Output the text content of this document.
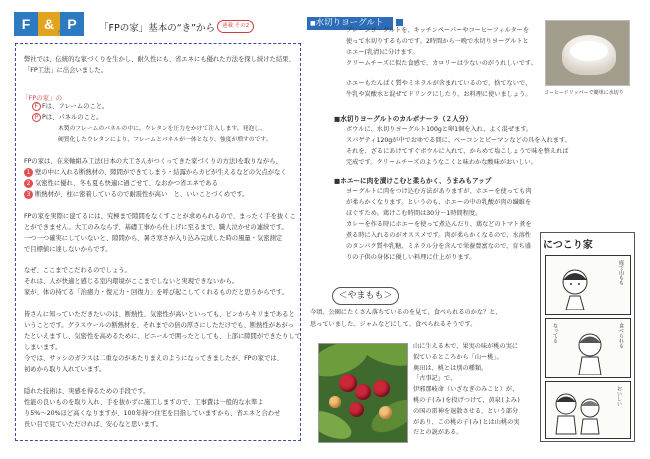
F & P
FP no ie 「FPの家」基本の“き”から	連載 その2
弊社では、伝統的な家づくりを生かし、耐久性にも、省エネにも優れた方法を探し続けた結果、
「FP工法」に出会いました。
「FPの家」の
F Fは、フレームのこと。
P Pは、パネルのこと。
木製のフレームのパネルの中に、ウレタンを圧力をかけて注入します。発泡し、
硬質化したウレタンにより、フレームとパネルが一体となり、強度が増すのです。
FPの家は、在来軸組み工法(日本の大工さんがつくってきた家づくりの方法)を取りながら、
1 壁の中に入れる断熱材の、隙間ができてしまう・結露からカビが生えるなどの欠点がなく
2 気密性に優れ、冬も夏も快適に過ごせて、なおかつ省エネである
3 断熱材が、柱に密着しているので耐震性が高い　と、いいことづくめです。
FPの家を実際に建てるには、究極まで隙間をなくすことが求められるので、まったく手を抜くこ
とができません。大工のみならず、基礎工事から仕上げに至るまで、職人泣かせの連続です。
一つ一つ確実にしていないと、隙間から、暑さ寒さが入り込み完成した時の風量・気密測定
で目標値に達しないからです。
なぜ、ここまでこだわるのでしょう。
それは、人が快適と感じる室内環境がここまでしないと実現できないから。
家が、体の持てる「治癒力・復元力・回復力」を呼び起こしてくれるものだと思うからです。
皆さんに知っていただきたいのは、断熱性、気密性が高いといっても、ピンからキリまであると
いうことです。グラスウールの断熱材を、それまでの倍の厚さにしただけでも、断熱性があがっ
たといえますし、気密性を高めるために、ビニールで囲ったとしても、上部に隙間ができたりして
しまいます。
今では、サッシのガラスは二重なのがあたりまえのようになってきましたが、FPの家では、
初めから取り入れています。
隠れた技術は、実感を得るための手段です。
性能の良いものを取り入れ、手を抜かずに施工しますので、工事費は一般的な水準よ
り5%～20%ほど高くなりますが、100年持つ住宅を目指していますから、省エネと合わせ
長い目で見ていただければ、安心なと思います。
■水切りヨーグルト
プレーンヨーグルトを、キッチンペーパーやコーヒーフィルターを
使って水切りするものです。2時間から一晩で水切りヨーグルトと
ホエー(乳清)に分けます。
クリームチーズに似た食感で、カロリーは少ないのがうれしいです。
ホエーもたんぱく質やミネラルが含まれているので、捨てないで、
牛乳や炭酸水と混ぜてドリンクにしたり、お料理に使いましょう。	コーヒードリッパーで簡単に水切り
■水切りヨーグルトのカルボナーラ（２人分）
ボウルに、水切りヨーグルト100gと卵1個を入れ、よく混ぜます。
スパゲティ120gが中でおゆでる間に、ベーコンとピーマンなどの具を入れます。
それを、ざるにあけてすぐボウルに入れて、からめて塩こしょうで味を整えれば
完成です。クリームチーズのようなこくと味わかな酸味がおいしい。
■ホエーに肉を漬けこむと柔らかく、うまみもアップ
ヨーグルトに肉をつけ込む方法がありますが、ホエーを使っても肉
が柔らかくなります。というのも、ホエーの中の乳酸が肉の繊維を
ほぐすため。鶏けこむ時間は30分～1時間程度。
カレーを作る時にホエーを使って煮込んだり、鶏などのトマト煮を
煮る時に入れるのがオススメです。肉が柔らかくなるので、水溶性
のタンパク質や乳糖、ミネラル分を含んで栄養豊富なので、育ち盛
りの子供の身体に優しい料理に仕上がります。
につこり家
庭で山もも
なってる	食べられる
おいしい
＜やまもも＞
今頃、公園にたくさん落ちているのを見て、食べられるのかな？と、
思っていました。ジャムなどにして、食べられるそうです。
山に生える木で、果実の味が桃の実に
似ているところから「山ー桃」。
奥田は、桃とは別の種類。
「古事記」で、
伊邪那岐命（いざなぎのみこと）が、
桃の子(み)を投げつけて、黄泉(よみ)
の国の雷神を退散させる、という部分
があり、この桃の子(み)とは山桃の実
だとの説がある。
